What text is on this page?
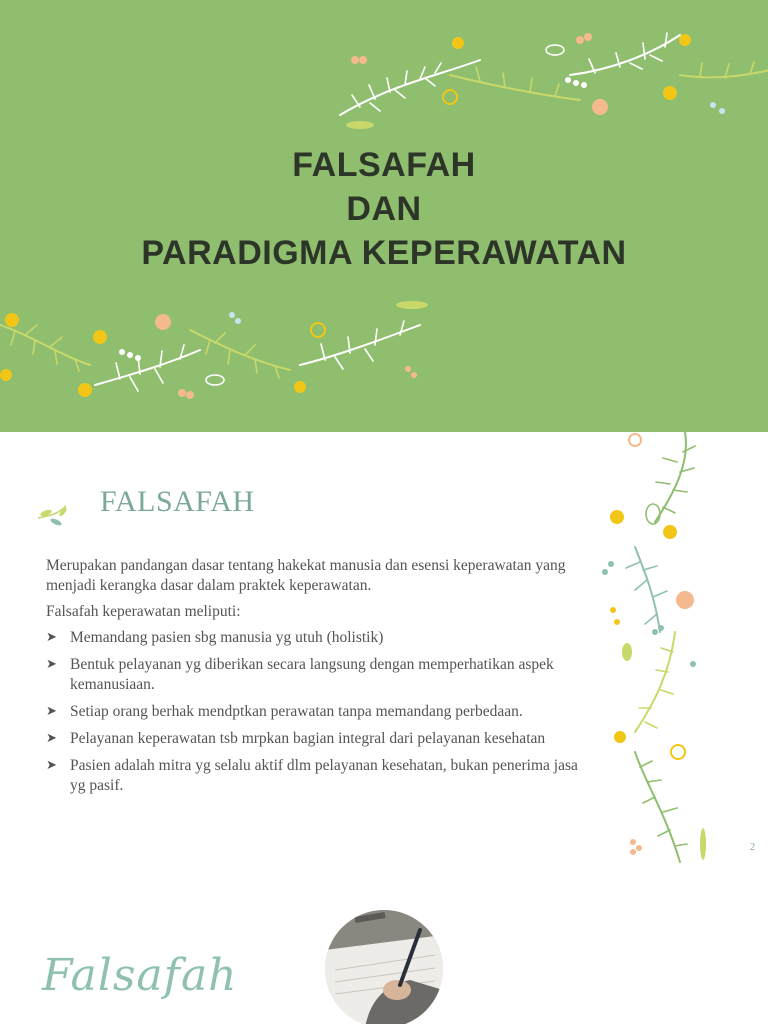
FALSAFAH
DAN
PARADIGMA KEPERAWATAN
FALSAFAH

Merupakan pandangan dasar tentang hakekat manusia dan esensi keperawatan yang menjadi kerangka dasar dalam praktek keperawatan.

Falsafah keperawatan meliputi:

➤ Memandang pasien sbg manusia yg utuh (holistik)
➤ Bentuk pelayanan yg diberikan secara langsung dengan memperhatikan aspek kemanusiaan.
➤ Setiap orang berhak mendptkan perawatan tanpa memandang perbedaan.
➤ Pelayanan keperawatan tsb mrpkan bagian integral dari pelayanan kesehatan
➤ Pasien adalah mitra yg selalu aktif dlm pelayanan kesehatan, bukan penerima jasa yg pasif.
2
Falsafah
